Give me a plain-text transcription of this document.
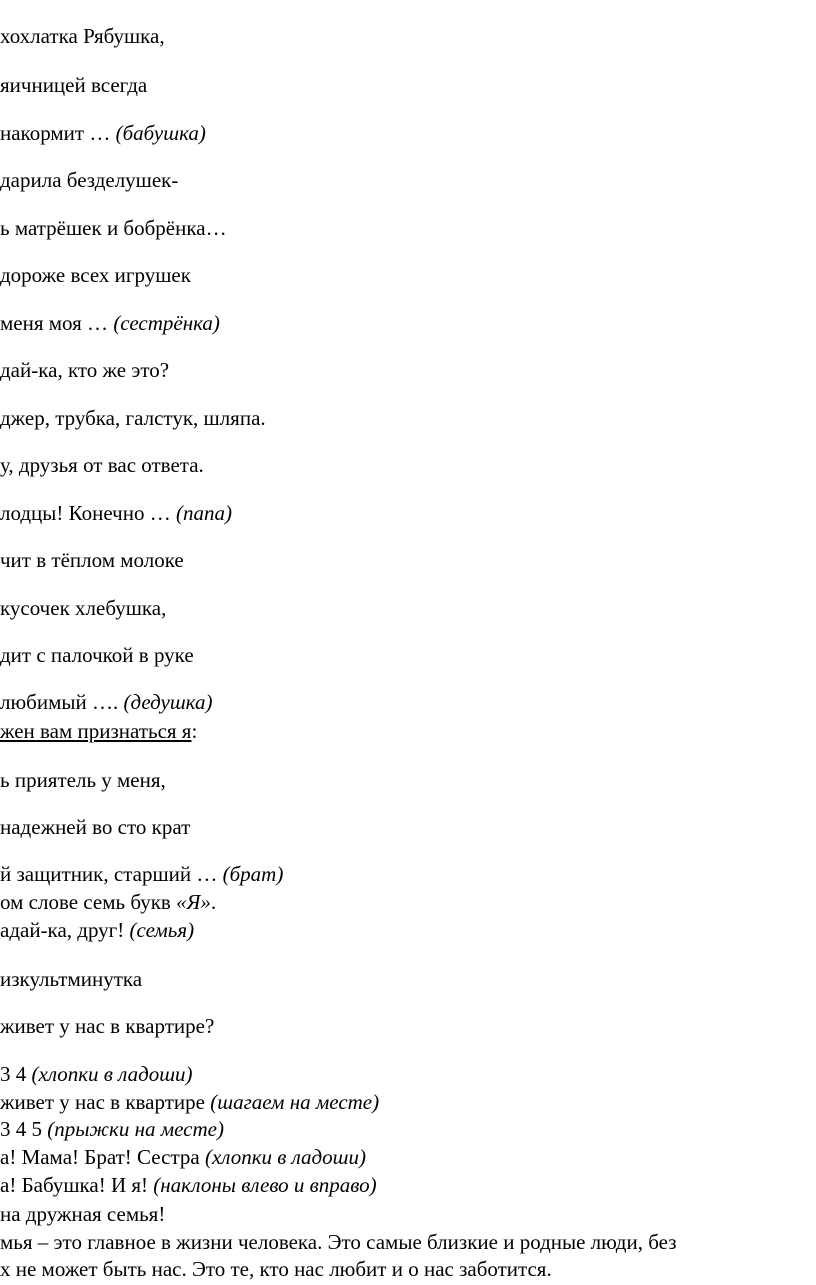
хохлатка Рябушка,
яичницей всегда
накормит … (бабушка)
дарила безделушек-
ь матрёшек и бобрёнка…
дороже всех игрушек
меня моя … (сестрёнка)
дай-ка, кто же это?
джер, трубка, галстук, шляпа.
у, друзья от вас ответа.
лодцы! Конечно … (папа)
чит в тёплом молоке
кусочек хлебушка,
дит с палочкой в руке
любимый …. (дедушка)
жен вам признаться я:
ь приятель у меня,
надежней во сто крат
й защитник, старший … (брат)
ом слове семь букв «Я».
адай-ка, друг! (семья)
изкультминутка
живет у нас в квартире?
3 4 (хлопки в ладоши)
живет у нас в квартире (шагаем на месте)
3 4 5 (прыжки на месте)
а! Мама! Брат! Сестра (хлопки в ладоши)
а! Бабушка! И я! (наклоны влево и вправо)
на дружная семья!
мья – это главное в жизни человека. Это самые близкие и родные люди, без
х не может быть нас. Это те, кто нас любит и о нас заботится.
